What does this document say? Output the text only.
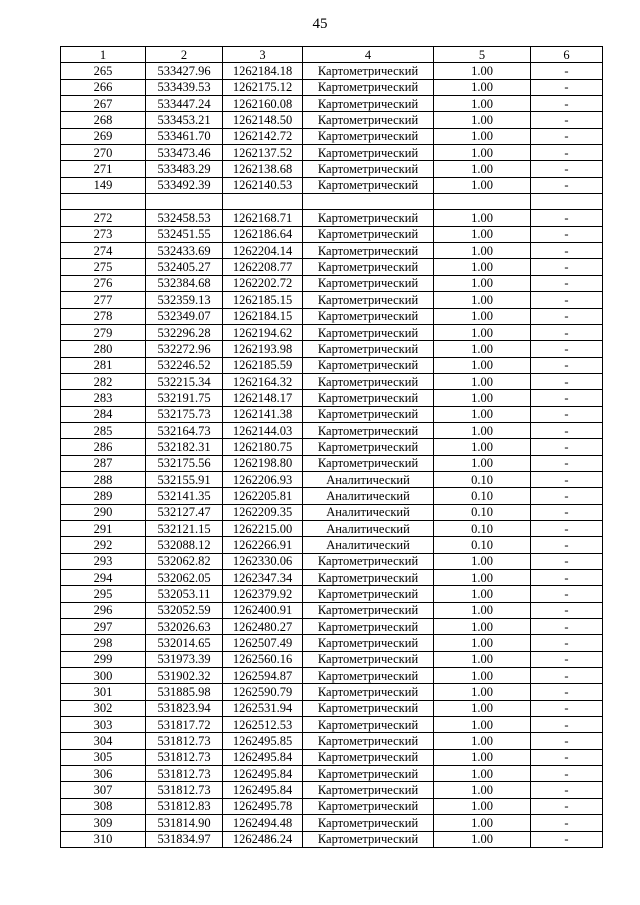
45
1	2	3	4	5	6
265	533427.96	1262184.18	Картометрический	1.00	-
266	533439.53	1262175.12	Картометрический	1.00	-
267	533447.24	1262160.08	Картометрический	1.00	-
268	533453.21	1262148.50	Картометрический	1.00	-
269	533461.70	1262142.72	Картометрический	1.00	-
270	533473.46	1262137.52	Картометрический	1.00	-
271	533483.29	1262138.68	Картометрический	1.00	-
149	533492.39	1262140.53	Картометрический	1.00	-

272	532458.53	1262168.71	Картометрический	1.00	-
273	532451.55	1262186.64	Картометрический	1.00	-
274	532433.69	1262204.14	Картометрический	1.00	-
275	532405.27	1262208.77	Картометрический	1.00	-
276	532384.68	1262202.72	Картометрический	1.00	-
277	532359.13	1262185.15	Картометрический	1.00	-
278	532349.07	1262184.15	Картометрический	1.00	-
279	532296.28	1262194.62	Картометрический	1.00	-
280	532272.96	1262193.98	Картометрический	1.00	-
281	532246.52	1262185.59	Картометрический	1.00	-
282	532215.34	1262164.32	Картометрический	1.00	-
283	532191.75	1262148.17	Картометрический	1.00	-
284	532175.73	1262141.38	Картометрический	1.00	-
285	532164.73	1262144.03	Картометрический	1.00	-
286	532182.31	1262180.75	Картометрический	1.00	-
287	532175.56	1262198.80	Картометрический	1.00	-
288	532155.91	1262206.93	Аналитический	0.10	-
289	532141.35	1262205.81	Аналитический	0.10	-
290	532127.47	1262209.35	Аналитический	0.10	-
291	532121.15	1262215.00	Аналитический	0.10	-
292	532088.12	1262266.91	Аналитический	0.10	-
293	532062.82	1262330.06	Картометрический	1.00	-
294	532062.05	1262347.34	Картометрический	1.00	-
295	532053.11	1262379.92	Картометрический	1.00	-
296	532052.59	1262400.91	Картометрический	1.00	-
297	532026.63	1262480.27	Картометрический	1.00	-
298	532014.65	1262507.49	Картометрический	1.00	-
299	531973.39	1262560.16	Картометрический	1.00	-
300	531902.32	1262594.87	Картометрический	1.00	-
301	531885.98	1262590.79	Картометрический	1.00	-
302	531823.94	1262531.94	Картометрический	1.00	-
303	531817.72	1262512.53	Картометрический	1.00	-
304	531812.73	1262495.85	Картометрический	1.00	-
305	531812.73	1262495.84	Картометрический	1.00	-
306	531812.73	1262495.84	Картометрический	1.00	-
307	531812.73	1262495.84	Картометрический	1.00	-
308	531812.83	1262495.78	Картометрический	1.00	-
309	531814.90	1262494.48	Картометрический	1.00	-
310	531834.97	1262486.24	Картометрический	1.00	-
